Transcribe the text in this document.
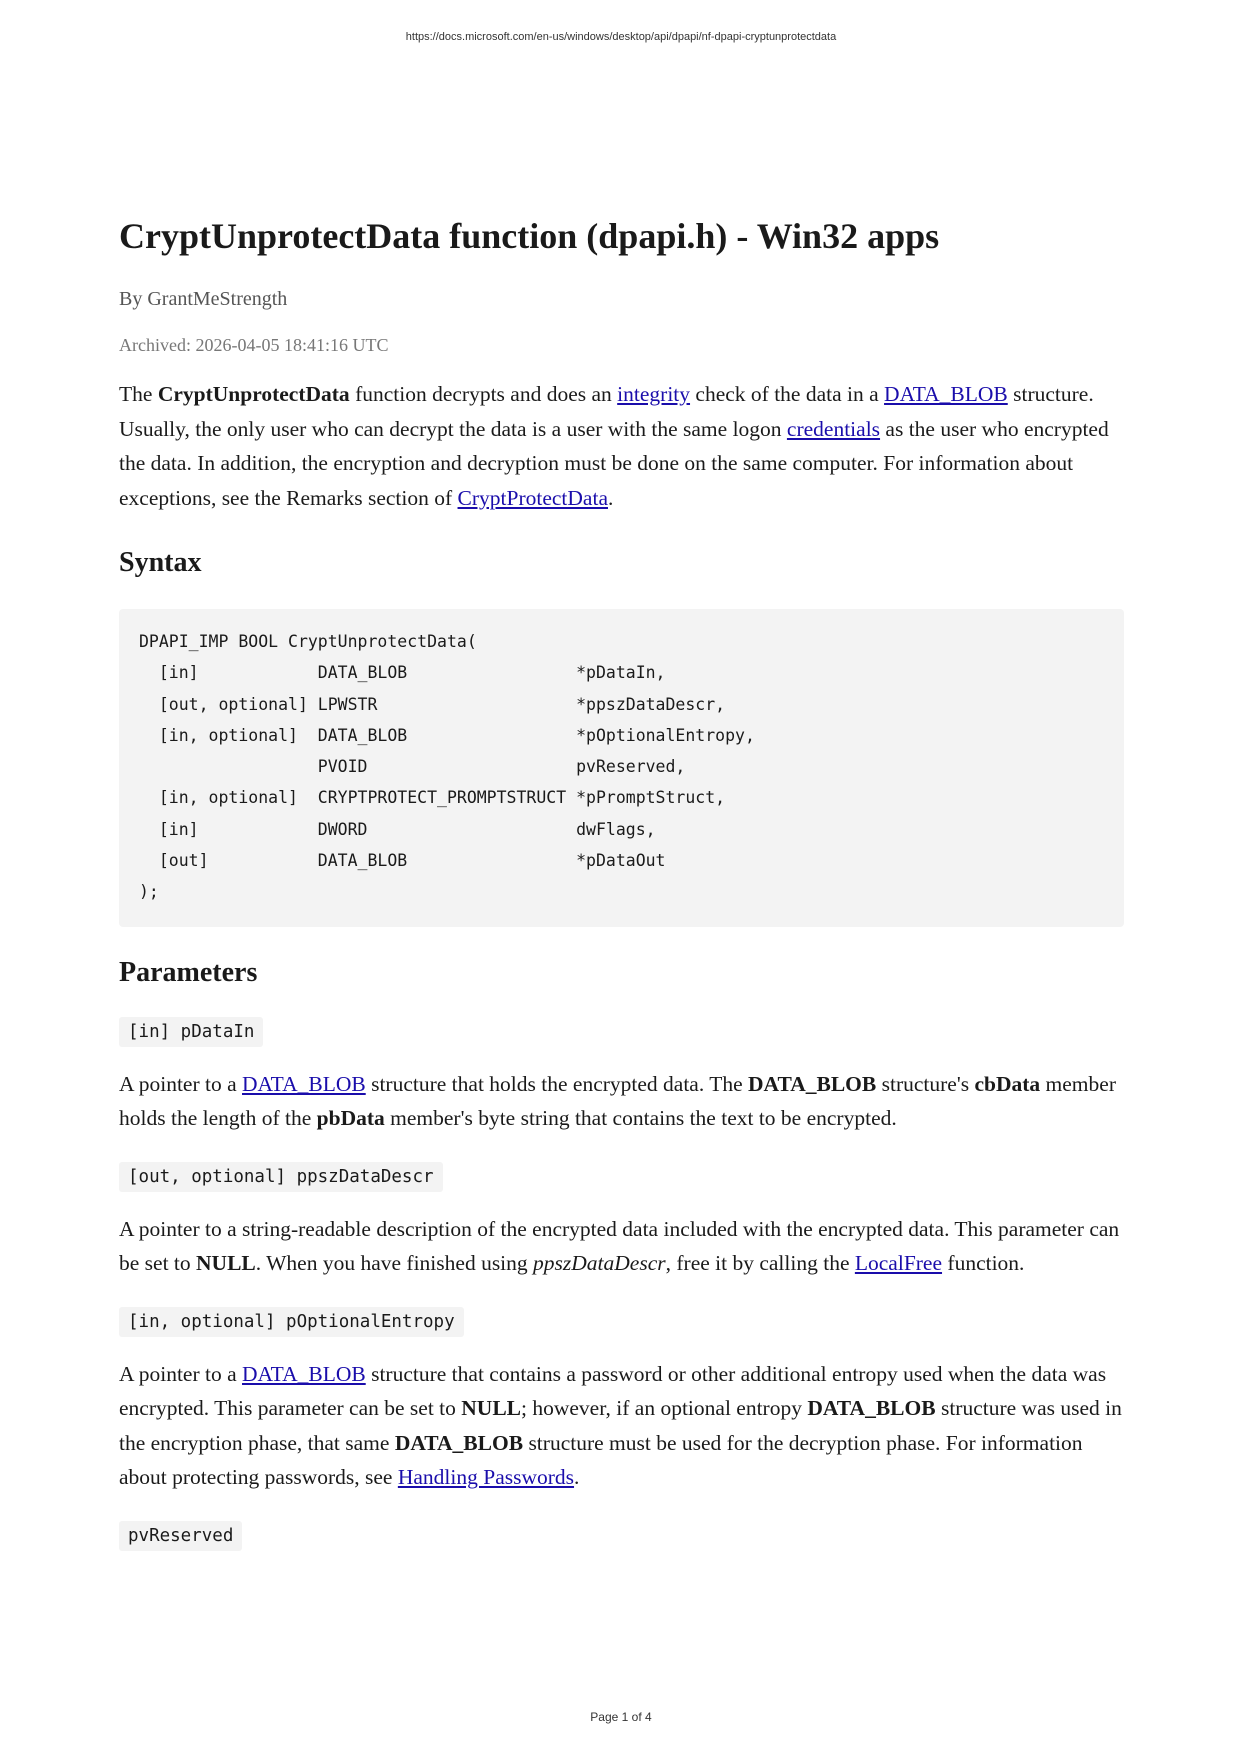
https://docs.microsoft.com/en-us/windows/desktop/api/dpapi/nf-dpapi-cryptunprotectdata
CryptUnprotectData function (dpapi.h) - Win32 apps
By GrantMeStrength
Archived: 2026-04-05 18:41:16 UTC

The CryptUnprotectData function decrypts and does an integrity check of the data in a DATA_BLOB structure. Usually, the only user who can decrypt the data is a user with the same logon credentials as the user who encrypted the data. In addition, the encryption and decryption must be done on the same computer. For information about exceptions, see the Remarks section of CryptProtectData.

Syntax
DPAPI_IMP BOOL CryptUnprotectData(
[in]            DATA_BLOB                 *pDataIn,
[out, optional] LPWSTR                    *ppszDataDescr,
[in, optional]  DATA_BLOB                 *pOptionalEntropy,
PVOID                     pvReserved,
[in, optional]  CRYPTPROTECT_PROMPTSTRUCT *pPromptStruct,
[in]            DWORD                     dwFlags,
[out]           DATA_BLOB                 *pDataOut
);
Parameters
[in] pDataIn

A pointer to a DATA_BLOB structure that holds the encrypted data. The DATA_BLOB structure's cbData member holds the length of the pbData member's byte string that contains the text to be encrypted.

[out, optional] ppszDataDescr

A pointer to a string-readable description of the encrypted data included with the encrypted data. This parameter can be set to NULL. When you have finished using ppszDataDescr, free it by calling the LocalFree function.

[in, optional] pOptionalEntropy

A pointer to a DATA_BLOB structure that contains a password or other additional entropy used when the data was encrypted. This parameter can be set to NULL; however, if an optional entropy DATA_BLOB structure was used in the encryption phase, that same DATA_BLOB structure must be used for the decryption phase. For information about protecting passwords, see Handling Passwords.

pvReserved
Page 1 of 4
